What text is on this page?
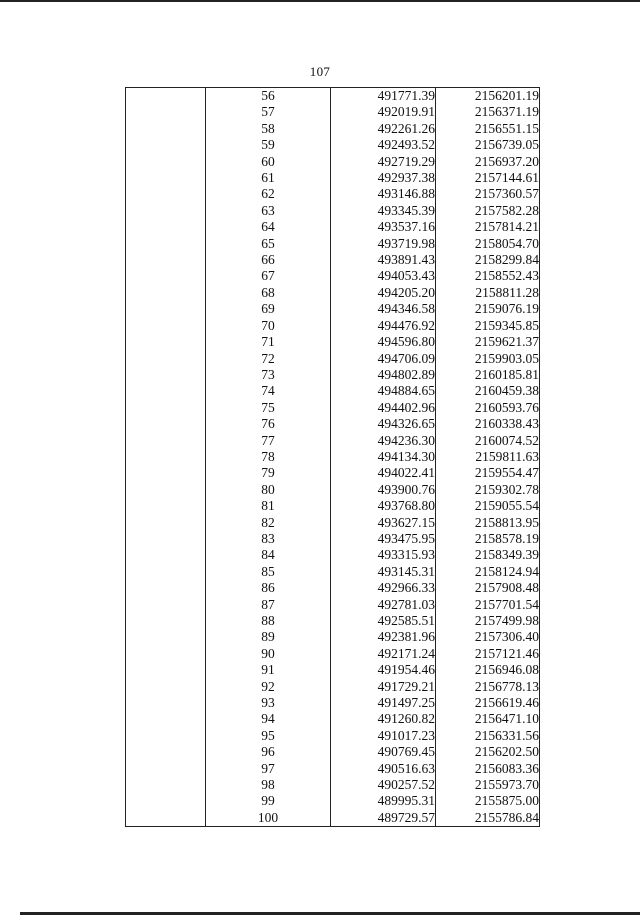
107
	56	491771.39	2156201.19
	57	492019.91	2156371.19
	58	492261.26	2156551.15
	59	492493.52	2156739.05
	60	492719.29	2156937.20
	61	492937.38	2157144.61
	62	493146.88	2157360.57
	63	493345.39	2157582.28
	64	493537.16	2157814.21
	65	493719.98	2158054.70
	66	493891.43	2158299.84
	67	494053.43	2158552.43
	68	494205.20	2158811.28
	69	494346.58	2159076.19
	70	494476.92	2159345.85
	71	494596.80	2159621.37
	72	494706.09	2159903.05
	73	494802.89	2160185.81
	74	494884.65	2160459.38
	75	494402.96	2160593.76
	76	494326.65	2160338.43
	77	494236.30	2160074.52
	78	494134.30	2159811.63
	79	494022.41	2159554.47
	80	493900.76	2159302.78
	81	493768.80	2159055.54
	82	493627.15	2158813.95
	83	493475.95	2158578.19
	84	493315.93	2158349.39
	85	493145.31	2158124.94
	86	492966.33	2157908.48
	87	492781.03	2157701.54
	88	492585.51	2157499.98
	89	492381.96	2157306.40
	90	492171.24	2157121.46
	91	491954.46	2156946.08
	92	491729.21	2156778.13
	93	491497.25	2156619.46
	94	491260.82	2156471.10
	95	491017.23	2156331.56
	96	490769.45	2156202.50
	97	490516.63	2156083.36
	98	490257.52	2155973.70
	99	489995.31	2155875.00
	100	489729.57	2155786.84
